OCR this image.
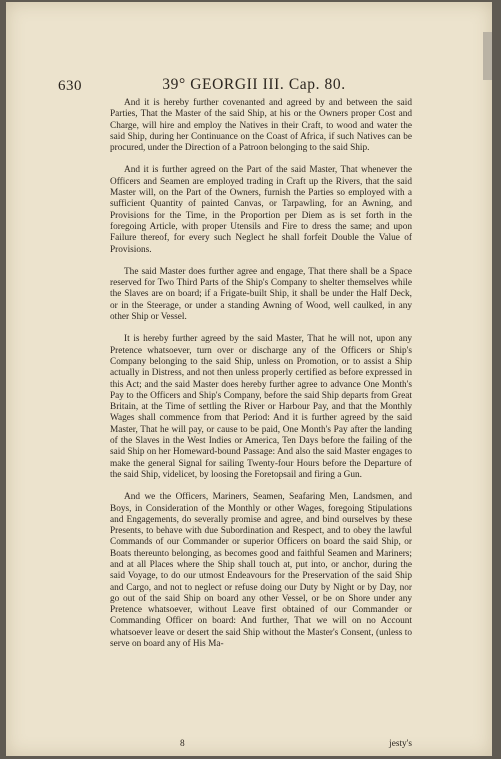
630	39° GEORGII III. Cap. 80.

And it is hereby further covenanted and agreed by and between the said Parties, That the Master of the said Ship, at his or the Owners proper Cost and Charge, will hire and employ the Natives in their Craft, to wood and water the said Ship, during her Continuance on the Coast of Africa, if such Natives can be procured, under the Direction of a Patroon belonging to the said Ship.

And it is further agreed on the Part of the said Master, That whenever the Officers and Seamen are employed trading in Craft up the Rivers, that the said Master will, on the Part of the Owners, furnish the Parties so employed with a sufficient Quantity of painted Canvas, or Tarpawling, for an Awning, and Provisions for the Time, in the Proportion per Diem as is set forth in the foregoing Article, with proper Utensils and Fire to dress the same; and upon Failure thereof, for every such Neglect he shall forfeit Double the Value of Provisions.

The said Master does further agree and engage, That there shall be a Space reserved for Two Third Parts of the Ship's Company to shelter themselves while the Slaves are on board; if a Frigate-built Ship, it shall be under the Half Deck, or in the Steerage, or under a standing Awning of Wood, well caulked, in any other Ship or Vessel.

It is hereby further agreed by the said Master, That he will not, upon any Pretence whatsoever, turn over or discharge any of the Officers or Ship's Company belonging to the said Ship, unless on Promotion, or to assist a Ship actually in Distress, and not then unless properly certified as before expressed in this Act; and the said Master does hereby further agree to advance One Month's Pay to the Officers and Ship's Company, before the said Ship departs from Great Britain, at the Time of settling the River or Harbour Pay, and that the Monthly Wages shall commence from that Period: And it is further agreed by the said Master, That he will pay, or cause to be paid, One Month's Pay after the landing of the Slaves in the West Indies or America, Ten Days before the failing of the said Ship on her Homeward-bound Passage: And also the said Master engages to make the general Signal for sailing Twenty-four Hours before the Departure of the said Ship, videlicet, by loosing the Foretopsail and firing a Gun.

And we the Officers, Mariners, Seamen, Seafaring Men, Landsmen, and Boys, in Consideration of the Monthly or other Wages, foregoing Stipulations and Engagements, do severally promise and agree, and bind ourselves by these Presents, to behave with due Subordination and Respect, and to obey the lawful Commands of our Commander or superior Officers on board the said Ship, or Boats thereunto belonging, as becomes good and faithful Seamen and Mariners; and at all Places where the Ship shall touch at, put into, or anchor, during the said Voyage, to do our utmost Endeavours for the Preservation of the said Ship and Cargo, and not to neglect or refuse doing our Duty by Night or by Day, nor go out of the said Ship on board any other Vessel, or be on Shore under any Pretence whatsoever, without Leave first obtained of our Commander or Commanding Officer on board: And further, That we will on no Account whatsoever leave or desert the said Ship without the Master's Consent, (unless to serve on board any of His Ma-

8	jesty's
